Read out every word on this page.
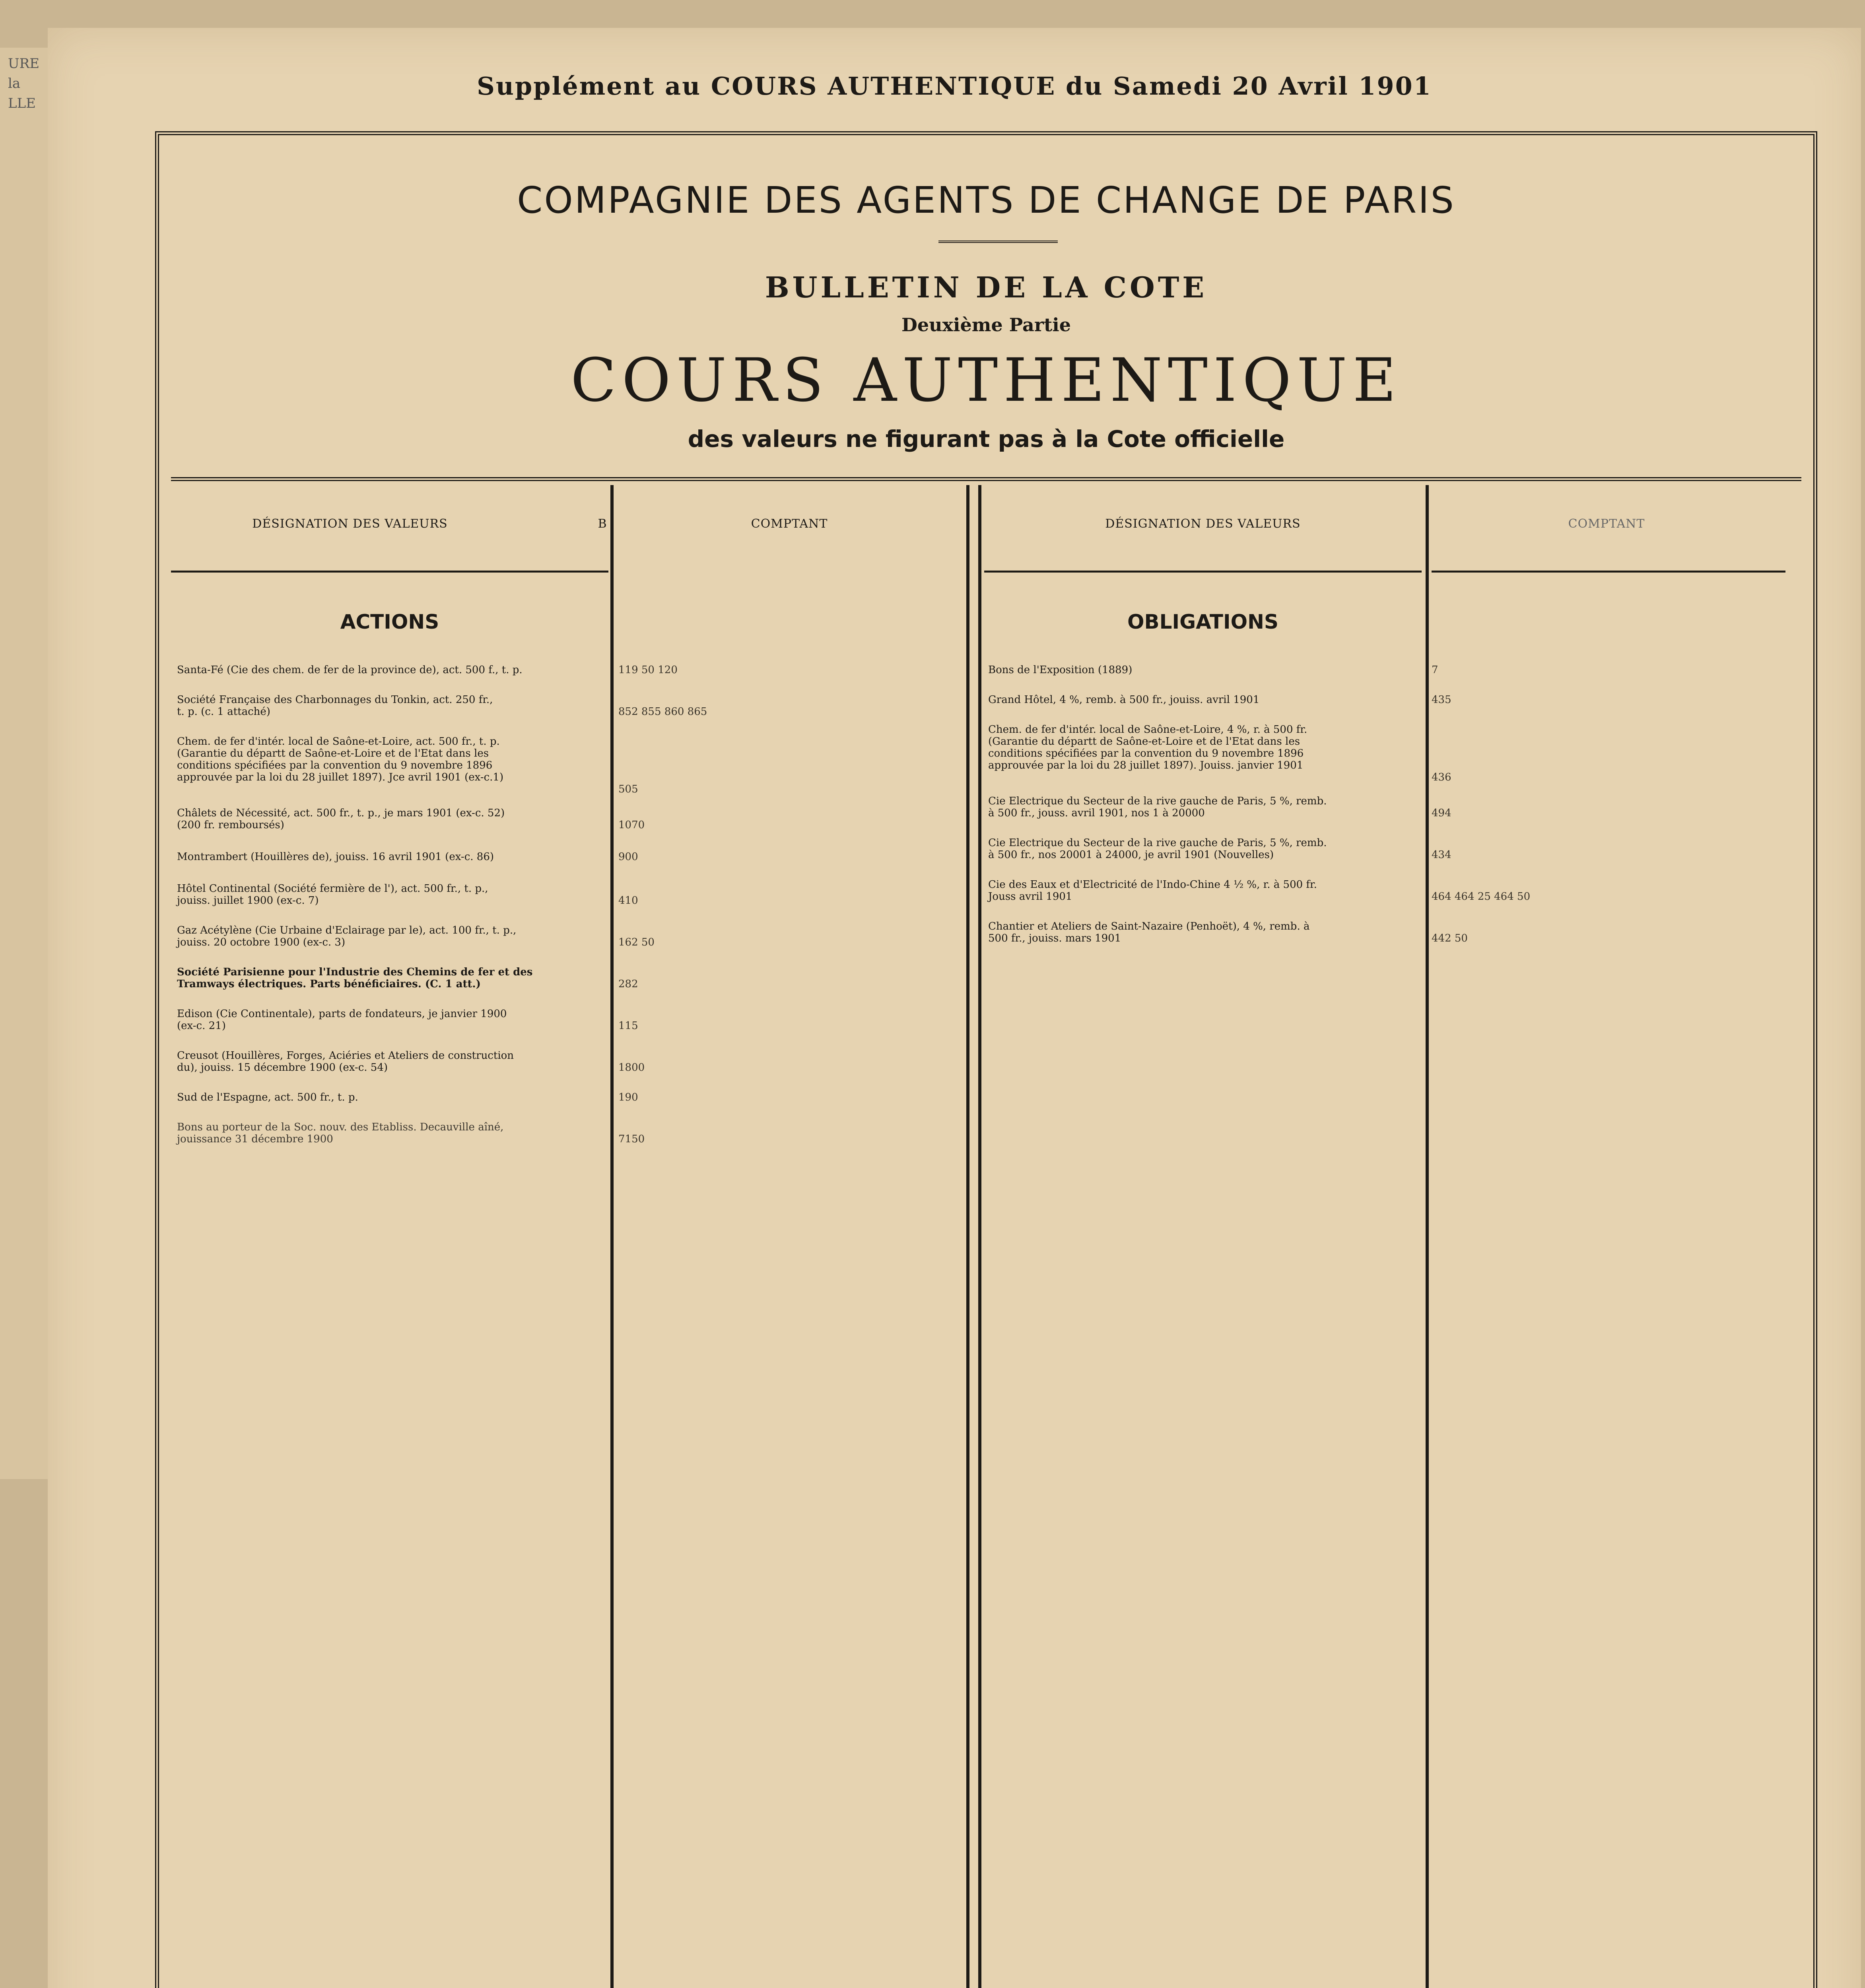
URE
la
LLE
Supplément au COURS AUTHENTIQUE du Samedi 20 Avril 1901
COMPAGNIE DES AGENTS DE CHANGE DE PARIS
BULLETIN DE LA COTE
Deuxième Partie
COURS AUTHENTIQUE
des valeurs ne figurant pas à la Cote officielle
DÉSIGNATION DES VALEURS	B	COMPTANT	DÉSIGNATION DES VALEURS	COMPTANT
ACTIONS	OBLIGATIONS
Santa-Fé (Cie des chem. de fer de la province de), act. 500 f., t. p.	119 50 120
Société Française des Charbonnages du Tonkin, act. 250 fr.,
t. p. (c. 1 attaché)	852 855 860 865
Chem. de fer d'intér. local de Saône-et-Loire, act. 500 fr., t. p.
(Garantie du départt de Saône-et-Loire et de l'Etat dans les
conditions spécifiées par la convention du 9 novembre 1896
approuvée par la loi du 28 juillet 1897). Jce avril 1901 (ex-c.1)
505
Châlets de Nécessité, act. 500 fr., t. p., je mars 1901 (ex-c. 52)
(200 fr. remboursés)	1070
Montrambert (Houillères de), jouiss. 16 avril 1901 (ex-c. 86)	900
Hôtel Continental (Société fermière de l'), act. 500 fr., t. p.,
jouiss. juillet 1900 (ex-c. 7)	410
Gaz Acétylène (Cie Urbaine d'Eclairage par le), act. 100 fr., t. p.,
jouiss. 20 octobre 1900 (ex-c. 3)	162 50
Société Parisienne pour l'Industrie des Chemins de fer et des
Tramways électriques. Parts bénéficiaires. (C. 1 att.)	282
Edison (Cie Continentale), parts de fondateurs, je janvier 1900
(ex-c. 21)	115
Creusot (Houillères, Forges, Aciéries et Ateliers de construction
du), jouiss. 15 décembre 1900 (ex-c. 54)	1800
Sud de l'Espagne, act. 500 fr., t. p.	190
Bons au porteur de la Soc. nouv. des Etabliss. Decauville aîné,
jouissance 31 décembre 1900	7150
Bons de l'Exposition (1889)	7
Grand Hôtel, 4 %, remb. à 500 fr., jouiss. avril 1901	435
Chem. de fer d'intér. local de Saône-et-Loire, 4 %, r. à 500 fr.
(Garantie du départt de Saône-et-Loire et de l'Etat dans les
conditions spécifiées par la convention du 9 novembre 1896
approuvée par la loi du 28 juillet 1897). Jouiss. janvier 1901
436
Cie Electrique du Secteur de la rive gauche de Paris, 5 %, remb.
à 500 fr., jouss. avril 1901, nos 1 à 20000	494
Cie Electrique du Secteur de la rive gauche de Paris, 5 %, remb.
à 500 fr., nos 20001 à 24000, je avril 1901 (Nouvelles)	434
Cie des Eaux et d'Electricité de l'Indo-Chine 4 ½ %, r. à 500 fr.
Jouss avril 1901	464 464 25 464 50
Chantier et Ateliers de Saint-Nazaire (Penhoët), 4 %, remb. à
500 fr., jouiss. mars 1901	442 50
